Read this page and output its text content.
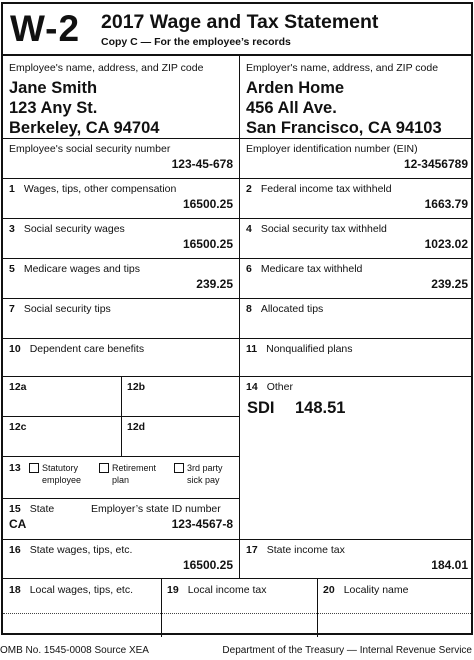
W-2 2017 Wage and Tax Statement
Copy C — For the employee’s records
Employee's name, address, and ZIP code
Jane Smith
123 Any St.
Berkeley, CA 94704
Employer's name, address, and ZIP code
Arden Home
456 All Ave.
San Francisco, CA 94103
Employee's social security number
123-45-678
Employer identification number (EIN)
12-3456789
1 Wages, tips, other compensation
16500.25
2 Federal income tax withheld
1663.79
3 Social security wages
16500.25
4 Social security tax withheld
1023.02
5 Medicare wages and tips
239.25
6 Medicare tax withheld
239.25
7 Social security tips	8 Allocated tips
10 Dependent care benefits	11 Nonqualified plans
12a	12b
12c	12d
13 Statutory
employee
Retirement
plan
3rd party
sick pay
14 Other
SDI 148.51
15 State	Employer’s state ID number
CA	123-4567-8
16 State wages, tips, etc.
16500.25
17 State income tax
184.01
18 Local wages, tips, etc.	19 Local income tax	20 Locality name
OMB No. 1545-0008 Source XEA	Department of the Treasury — Internal Revenue Service
